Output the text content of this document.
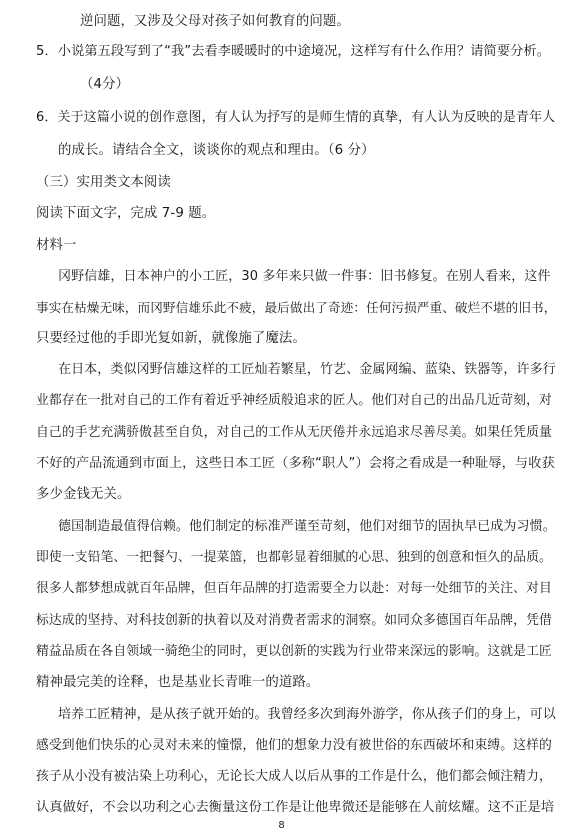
逆问题，又涉及父母对孩子如何教育的问题。
5．小说第五段写到了“我”去看李暖暖时的中途境况，这样写有什么作用？请简要分析。
（4分）
6．关于这篇小说的创作意图，有人认为抒写的是师生情的真挚，有人认为反映的是青年人
的成长。请结合全文，谈谈你的观点和理由。（6 分）
（三）实用类文本阅读
阅读下面文字，完成 7-9 题。
材料一
冈野信雄，日本神户的小工匠，30 多年来只做一件事：旧书修复。在别人看来，这件
事实在枯燥无味，而冈野信雄乐此不疲，最后做出了奇迹：任何污损严重、破烂不堪的旧书，
只要经过他的手即光复如新，就像施了魔法。
在日本，类似冈野信雄这样的工匠灿若繁星，竹艺、金属网编、蓝染、铁器等，许多行
业都存在一批对自己的工作有着近乎神经质般追求的匠人。他们对自己的出品几近苛刻，对
自己的手艺充满骄傲甚至自负，对自己的工作从无厌倦并永远追求尽善尽美。如果任凭质量
不好的产品流通到市面上，这些日本工匠（多称“职人”）会将之看成是一种耻辱，与收获
多少金钱无关。
德国制造最值得信赖。他们制定的标准严谨至苛刻，他们对细节的固执早已成为习惯。
即使一支铅笔、一把餐勺、一提菜篮，也都彰显着细腻的心思、独到的创意和恒久的品质。
很多人都梦想成就百年品牌，但百年品牌的打造需要全力以赴：对每一处细节的关注、对目
标达成的坚持、对科技创新的执着以及对消费者需求的洞察。如同众多德国百年品牌，凭借
精益品质在各自领域一骑绝尘的同时，更以创新的实践为行业带来深远的影响。这就是工匠
精神最完美的诠释，也是基业长青唯一的道路。
培养工匠精神，是从孩子就开始的。我曾经多次到海外游学，你从孩子们的身上，可以
感受到他们快乐的心灵对未来的憧憬，他们的想象力没有被世俗的东西破坏和束缚。这样的
孩子从小没有被沾染上功利心，无论长大成人以后从事的工作是什么，他们都会倾注精力，
认真做好，不会以功利之心去衡量这份工作是让他卑微还是能够在人前炫耀。这不正是培
8
